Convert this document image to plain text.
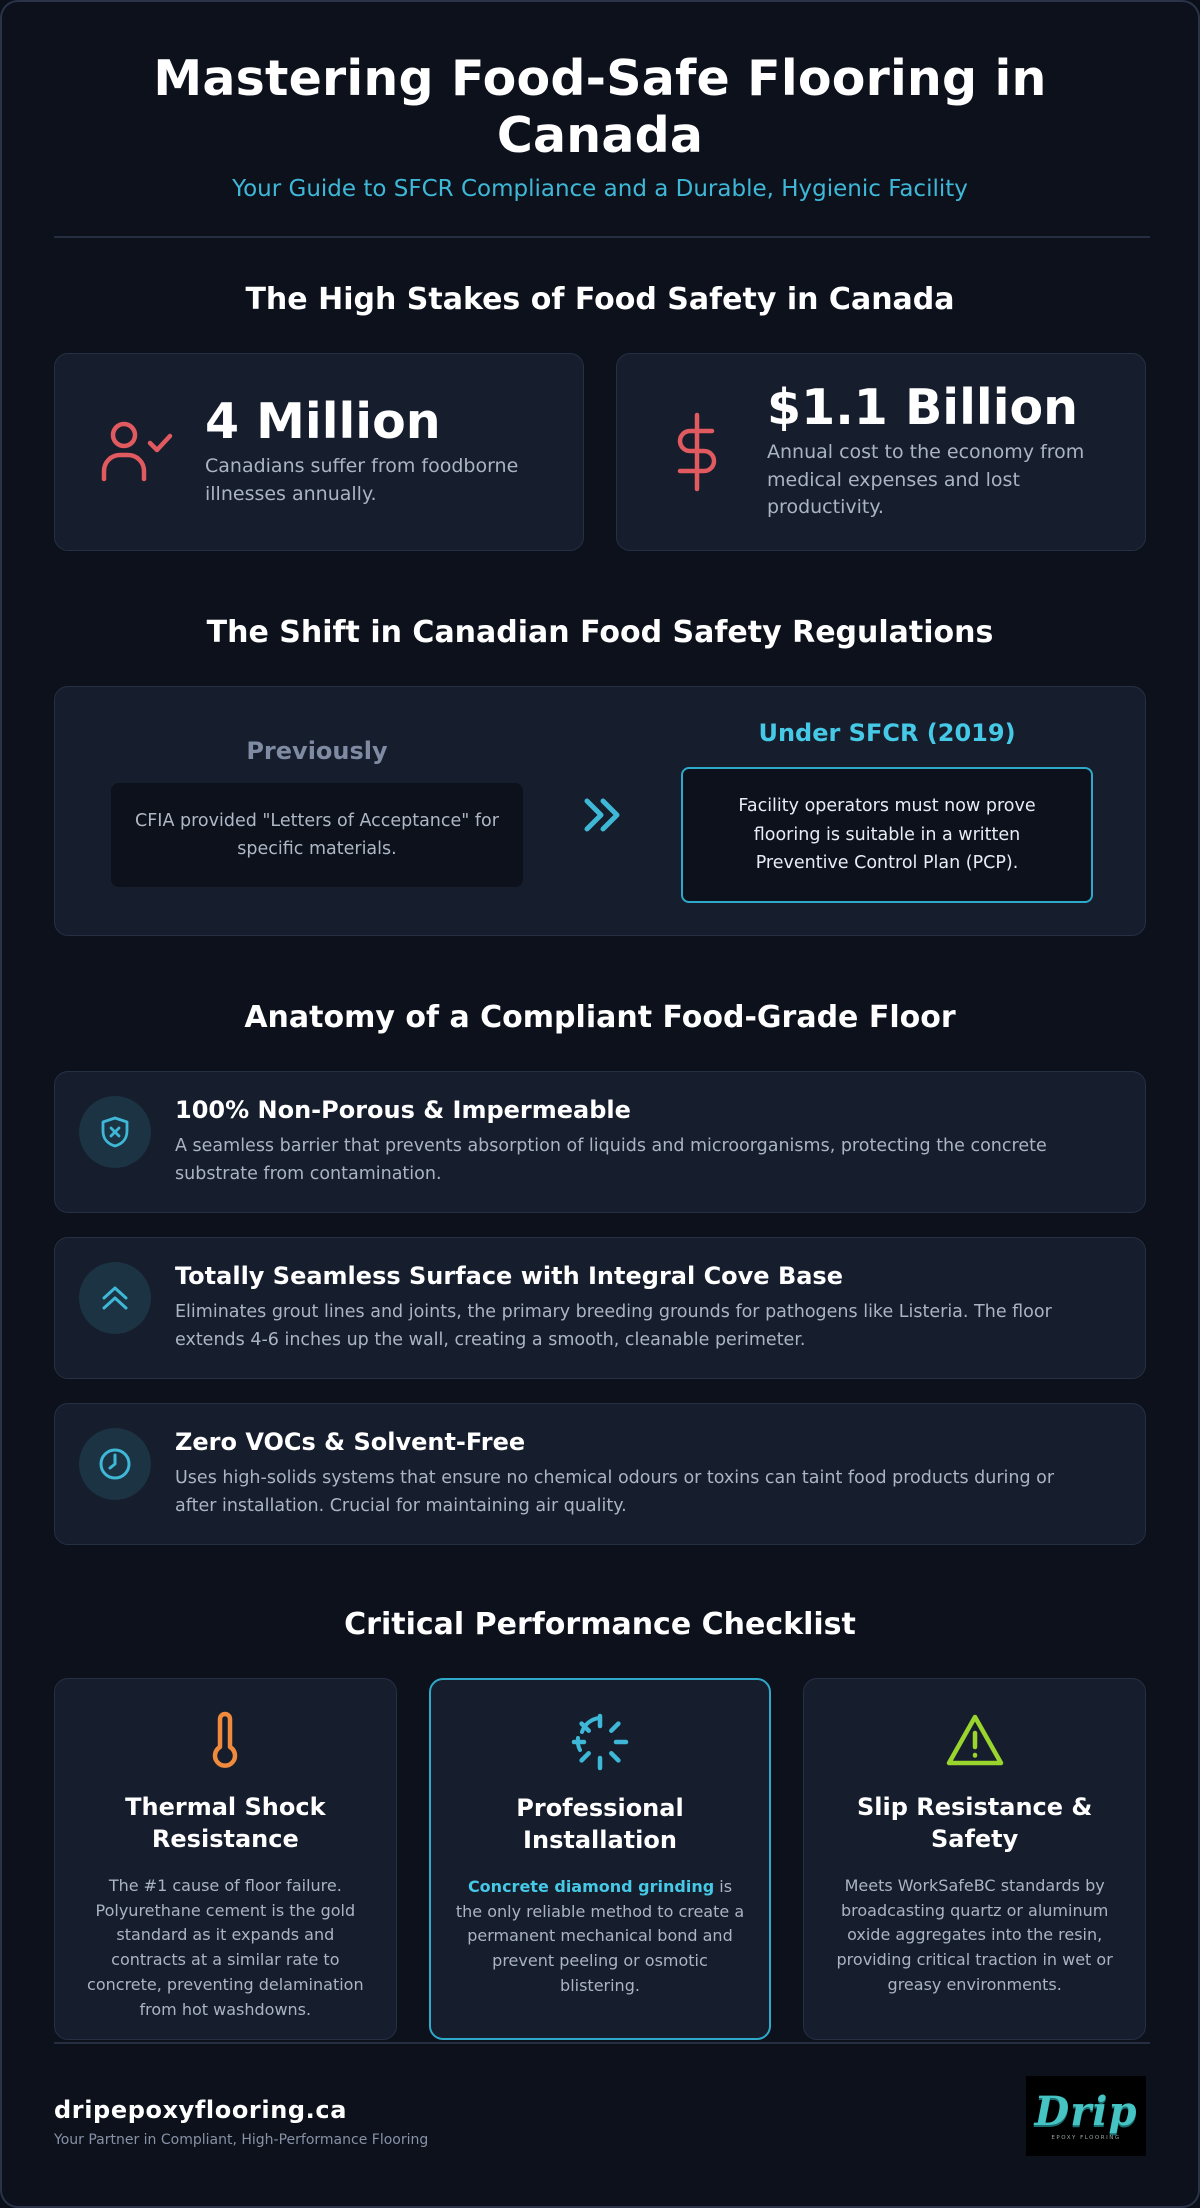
Mastering Food-Safe Flooring in Canada
Your Guide to SFCR Compliance and a Durable, Hygienic Facility
The High Stakes of Food Safety in Canada
4 Million
Canadians suffer from foodborne illnesses annually.
$1.1 Billion
Annual cost to the economy from medical expenses and lost productivity.
The Shift in Canadian Food Safety Regulations
Previously
CFIA provided "Letters of Acceptance" for specific materials.
Under SFCR (2019)
Facility operators must now prove flooring is suitable in a written Preventive Control Plan (PCP).
Anatomy of a Compliant Food-Grade Floor
100% Non-Porous & Impermeable
A seamless barrier that prevents absorption of liquids and microorganisms, protecting the concrete substrate from contamination.
Totally Seamless Surface with Integral Cove Base
Eliminates grout lines and joints, the primary breeding grounds for pathogens like Listeria. The floor extends 4-6 inches up the wall, creating a smooth, cleanable perimeter.
Zero VOCs & Solvent-Free
Uses high-solids systems that ensure no chemical odours or toxins can taint food products during or after installation. Crucial for maintaining air quality.
Critical Performance Checklist
Thermal Shock Resistance
The #1 cause of floor failure. Polyurethane cement is the gold standard as it expands and contracts at a similar rate to concrete, preventing delamination from hot washdowns.
Professional Installation
Concrete diamond grinding is the only reliable method to create a permanent mechanical bond and prevent peeling or osmotic blistering.
Slip Resistance & Safety
Meets WorkSafeBC standards by broadcasting quartz or aluminum oxide aggregates into the resin, providing critical traction in wet or greasy environments.
dripepoxyflooring.ca
Your Partner in Compliant, High-Performance Flooring
Drip
EPOXY FLOORING
